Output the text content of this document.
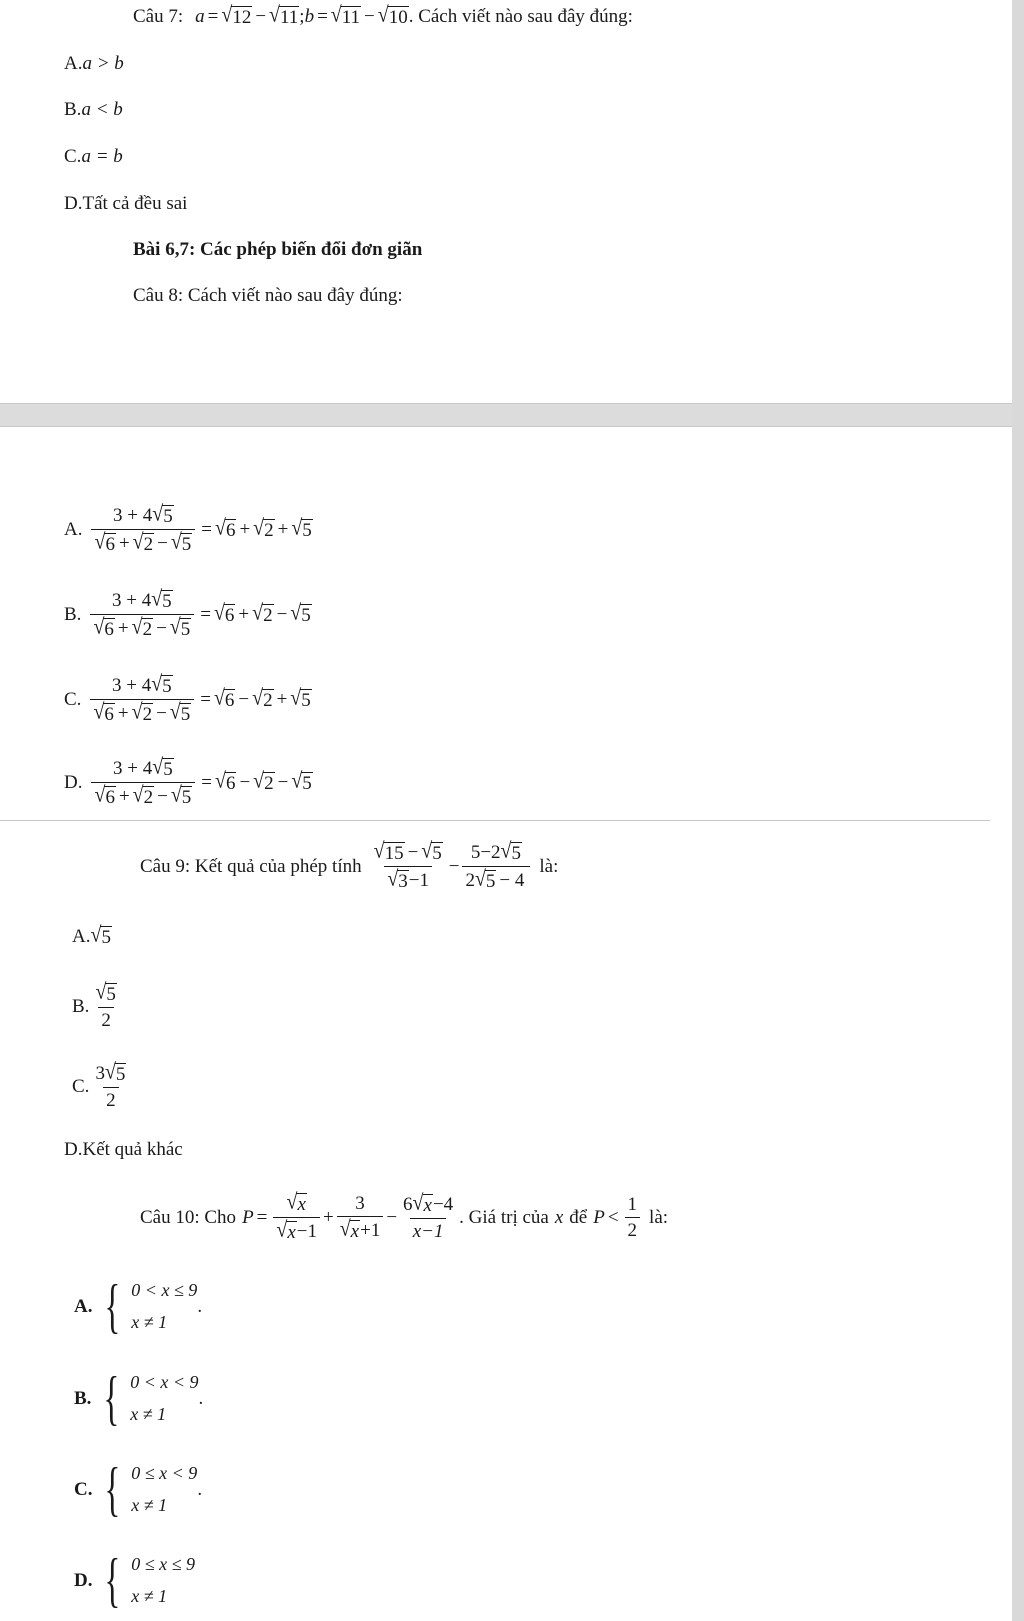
Câu 7: a = √ 12 − √ 11 ; b = √ 11 − √ 10 . Cách viết nào sau đây đúng:
A. a > b
B. a < b
C. a = b
D. Tất cả đều sai
Bài 6,7: Các phép biến đổi đơn giãn
Câu 8: Cách viết nào sau đây đúng:
A. $\frac{3 + 4 √ 5}{√ 6 + √ 2 - √ 5}$ = √ 6 + √ 2 + √ 5
B. $\frac{3 + 4 √ 5}{√ 6 + √ 2 - √ 5}$ = √ 6 + √ 2 − √ 5
C. $\frac{3 + 4 √ 5}{√ 6 + √ 2 - √ 5}$ = √ 6 − √ 2 + √ 5
D. $\frac{3 + 4 √ 5}{√ 6 + √ 2 - √ 5}$ = √ 6 − √ 2 − √ 5
Câu 9: Kết quả của phép tính $\frac{√ 15 - √ 5}{√ 3 -1} - \frac{5-2 √ 5}{2 √ 5 - 4}$ là:
A. √ 5
B. $\frac{√ 5}{2}$
C. $\frac{3 √ 5}{2}$
D. Kết quả khác
Câu 10: Cho $P = \frac{√ x}{√ x -1} + \frac{3}{√ x +1} - \frac{6 √ x -4}{x-1}$ . Giá trị của x để $P < \frac{1}{2}$ là:
A. { 0 < x ≤ 9
x ≠ 1
.
B. { 0 < x < 9
x ≠ 1
.
C. { 0 ≤ x < 9
x ≠ 1
.
D. { 0 ≤ x ≤ 9
x ≠ 1
